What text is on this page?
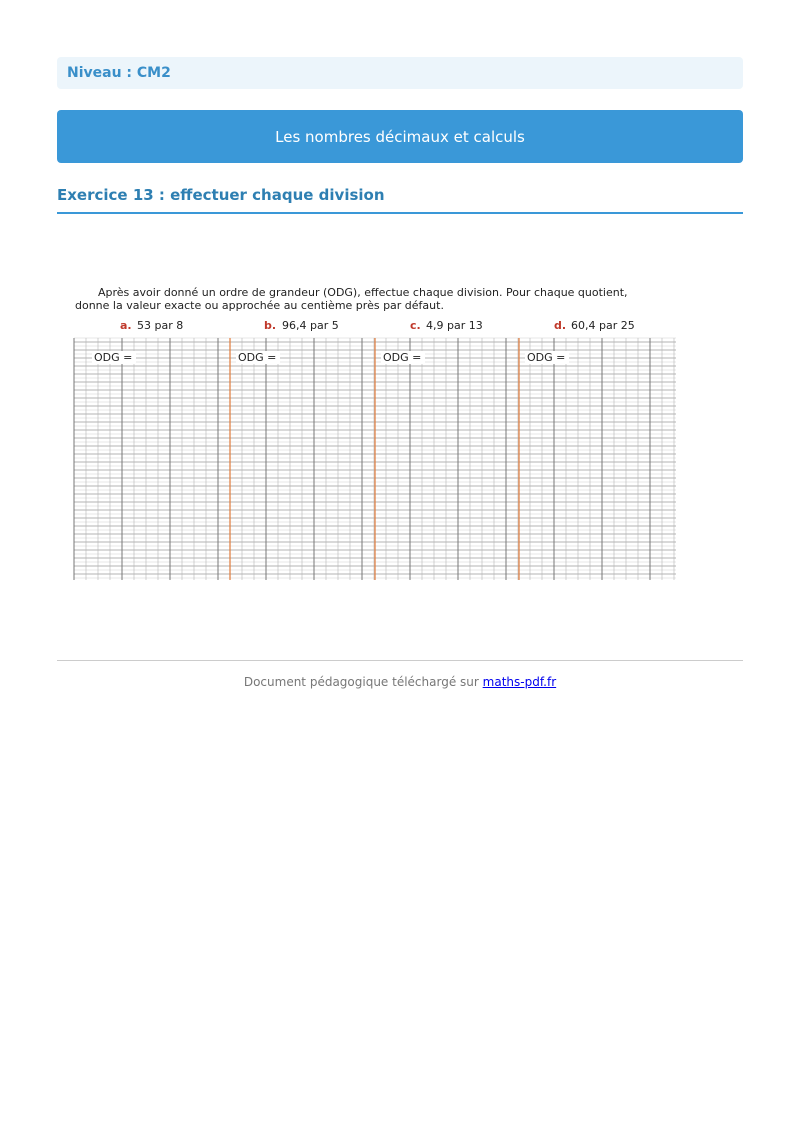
Niveau : CM2
Les nombres décimaux et calculs
Exercice 13 : effectuer chaque division
Après avoir donné un ordre de grandeur (ODG), effectue chaque division. Pour chaque quotient,
donne la valeur exacte ou approchée au centième près par défaut.
a. 53 par 8	b. 96,4 par 5	c. 4,9 par 13	d. 60,4 par 25
ODG =	ODG =	ODG =	ODG =
Document pédagogique téléchargé sur maths-pdf.fr
